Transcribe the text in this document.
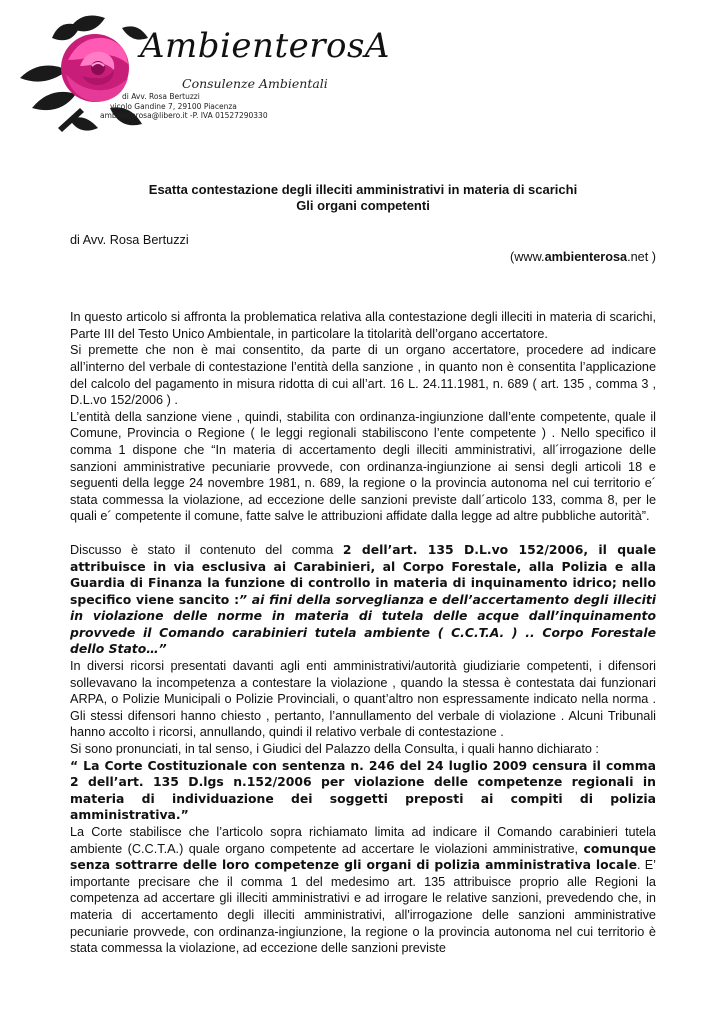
AmbienterosA
Consulenze Ambientali
di Avv. Rosa Bertuzzi
vicolo Gandine 7, 29100 Piacenza
ambienterosa@libero.it -P. IVA 01527290330
Esatta contestazione degli illeciti amministrativi in materia di scarichi
Gli organi competenti
di Avv. Rosa Bertuzzi
(www.ambienterosa.net )

In questo articolo si affronta la problematica relativa alla contestazione degli illeciti in materia di scarichi, Parte III del Testo Unico Ambientale, in particolare la titolarità dell’organo accertatore.

Si premette che non è mai consentito, da parte di un organo accertatore, procedere ad indicare all’interno del verbale di contestazione l’entità della sanzione , in quanto non è consentita l’applicazione del calcolo del pagamento in misura ridotta di cui all’art. 16 L. 24.11.1981, n. 689 ( art. 135 , comma 3 , D.L.vo 152/2006 ) .

L’entità della sanzione viene , quindi, stabilita con ordinanza-ingiunzione dall’ente competente, quale il Comune, Provincia o Regione ( le leggi regionali stabiliscono l’ente competente ) . Nello specifico il comma 1 dispone che “In materia di accertamento degli illeciti amministrativi, all´irrogazione delle sanzioni amministrative pecuniarie provvede, con ordinanza-ingiunzione ai sensi degli articoli 18 e seguenti della legge 24 novembre 1981, n. 689, la regione o la provincia autonoma nel cui territorio e´ stata commessa la violazione, ad eccezione delle sanzioni previste dall´articolo 133, comma 8, per le quali e´ competente il comune, fatte salve le attribuzioni affidate dalla legge ad altre pubbliche autorità”.

Discusso è stato il contenuto del comma 2 dell’art. 135 D.L.vo 152/2006, il quale attribuisce in via esclusiva ai Carabinieri, al Corpo Forestale, alla Polizia e alla Guardia di Finanza la funzione di controllo in materia di inquinamento idrico; nello specifico viene sancito :” ai fini della sorveglianza e dell’accertamento degli illeciti in violazione delle norme in materia di tutela delle acque dall’inquinamento provvede il Comando carabinieri tutela ambiente ( C.C.T.A. ) .. Corpo Forestale dello Stato…”

In diversi ricorsi presentati davanti agli enti amministrativi/autorità giudiziarie competenti, i difensori sollevavano la incompetenza a contestare la violazione , quando la stessa è contestata dai funzionari ARPA, o Polizie Municipali o Polizie Provinciali, o quant’altro non espressamente indicato nella norma . Gli stessi difensori hanno chiesto , pertanto, l’annullamento del verbale di violazione . Alcuni Tribunali hanno accolto i ricorsi, annullando, quindi il relativo verbale di contestazione .

Si sono pronunciati, in tal senso, i Giudici del Palazzo della Consulta, i quali hanno dichiarato :

“ La Corte Costituzionale con sentenza n. 246 del 24 luglio 2009 censura il comma 2 dell’art. 135 D.lgs n.152/2006 per violazione delle competenze regionali in materia di individuazione dei soggetti preposti ai compiti di polizia amministrativa.”

La Corte stabilisce che l’articolo sopra richiamato limita ad indicare il Comando carabinieri tutela ambiente (C.C.T.A.) quale organo competente ad accertare le violazioni amministrative, comunque senza sottrarre delle loro competenze gli organi di polizia amministrativa locale. E’ importante precisare che il comma 1 del medesimo art. 135 attribuisce proprio alle Regioni la competenza ad accertare gli illeciti amministrativi e ad irrogare le relative sanzioni, prevedendo che, in materia di accertamento degli illeciti amministrativi, all'irrogazione delle sanzioni amministrative pecuniarie provvede, con ordinanza-ingiunzione, la regione o la provincia autonoma nel cui territorio è stata commessa la violazione, ad eccezione delle sanzioni previste
